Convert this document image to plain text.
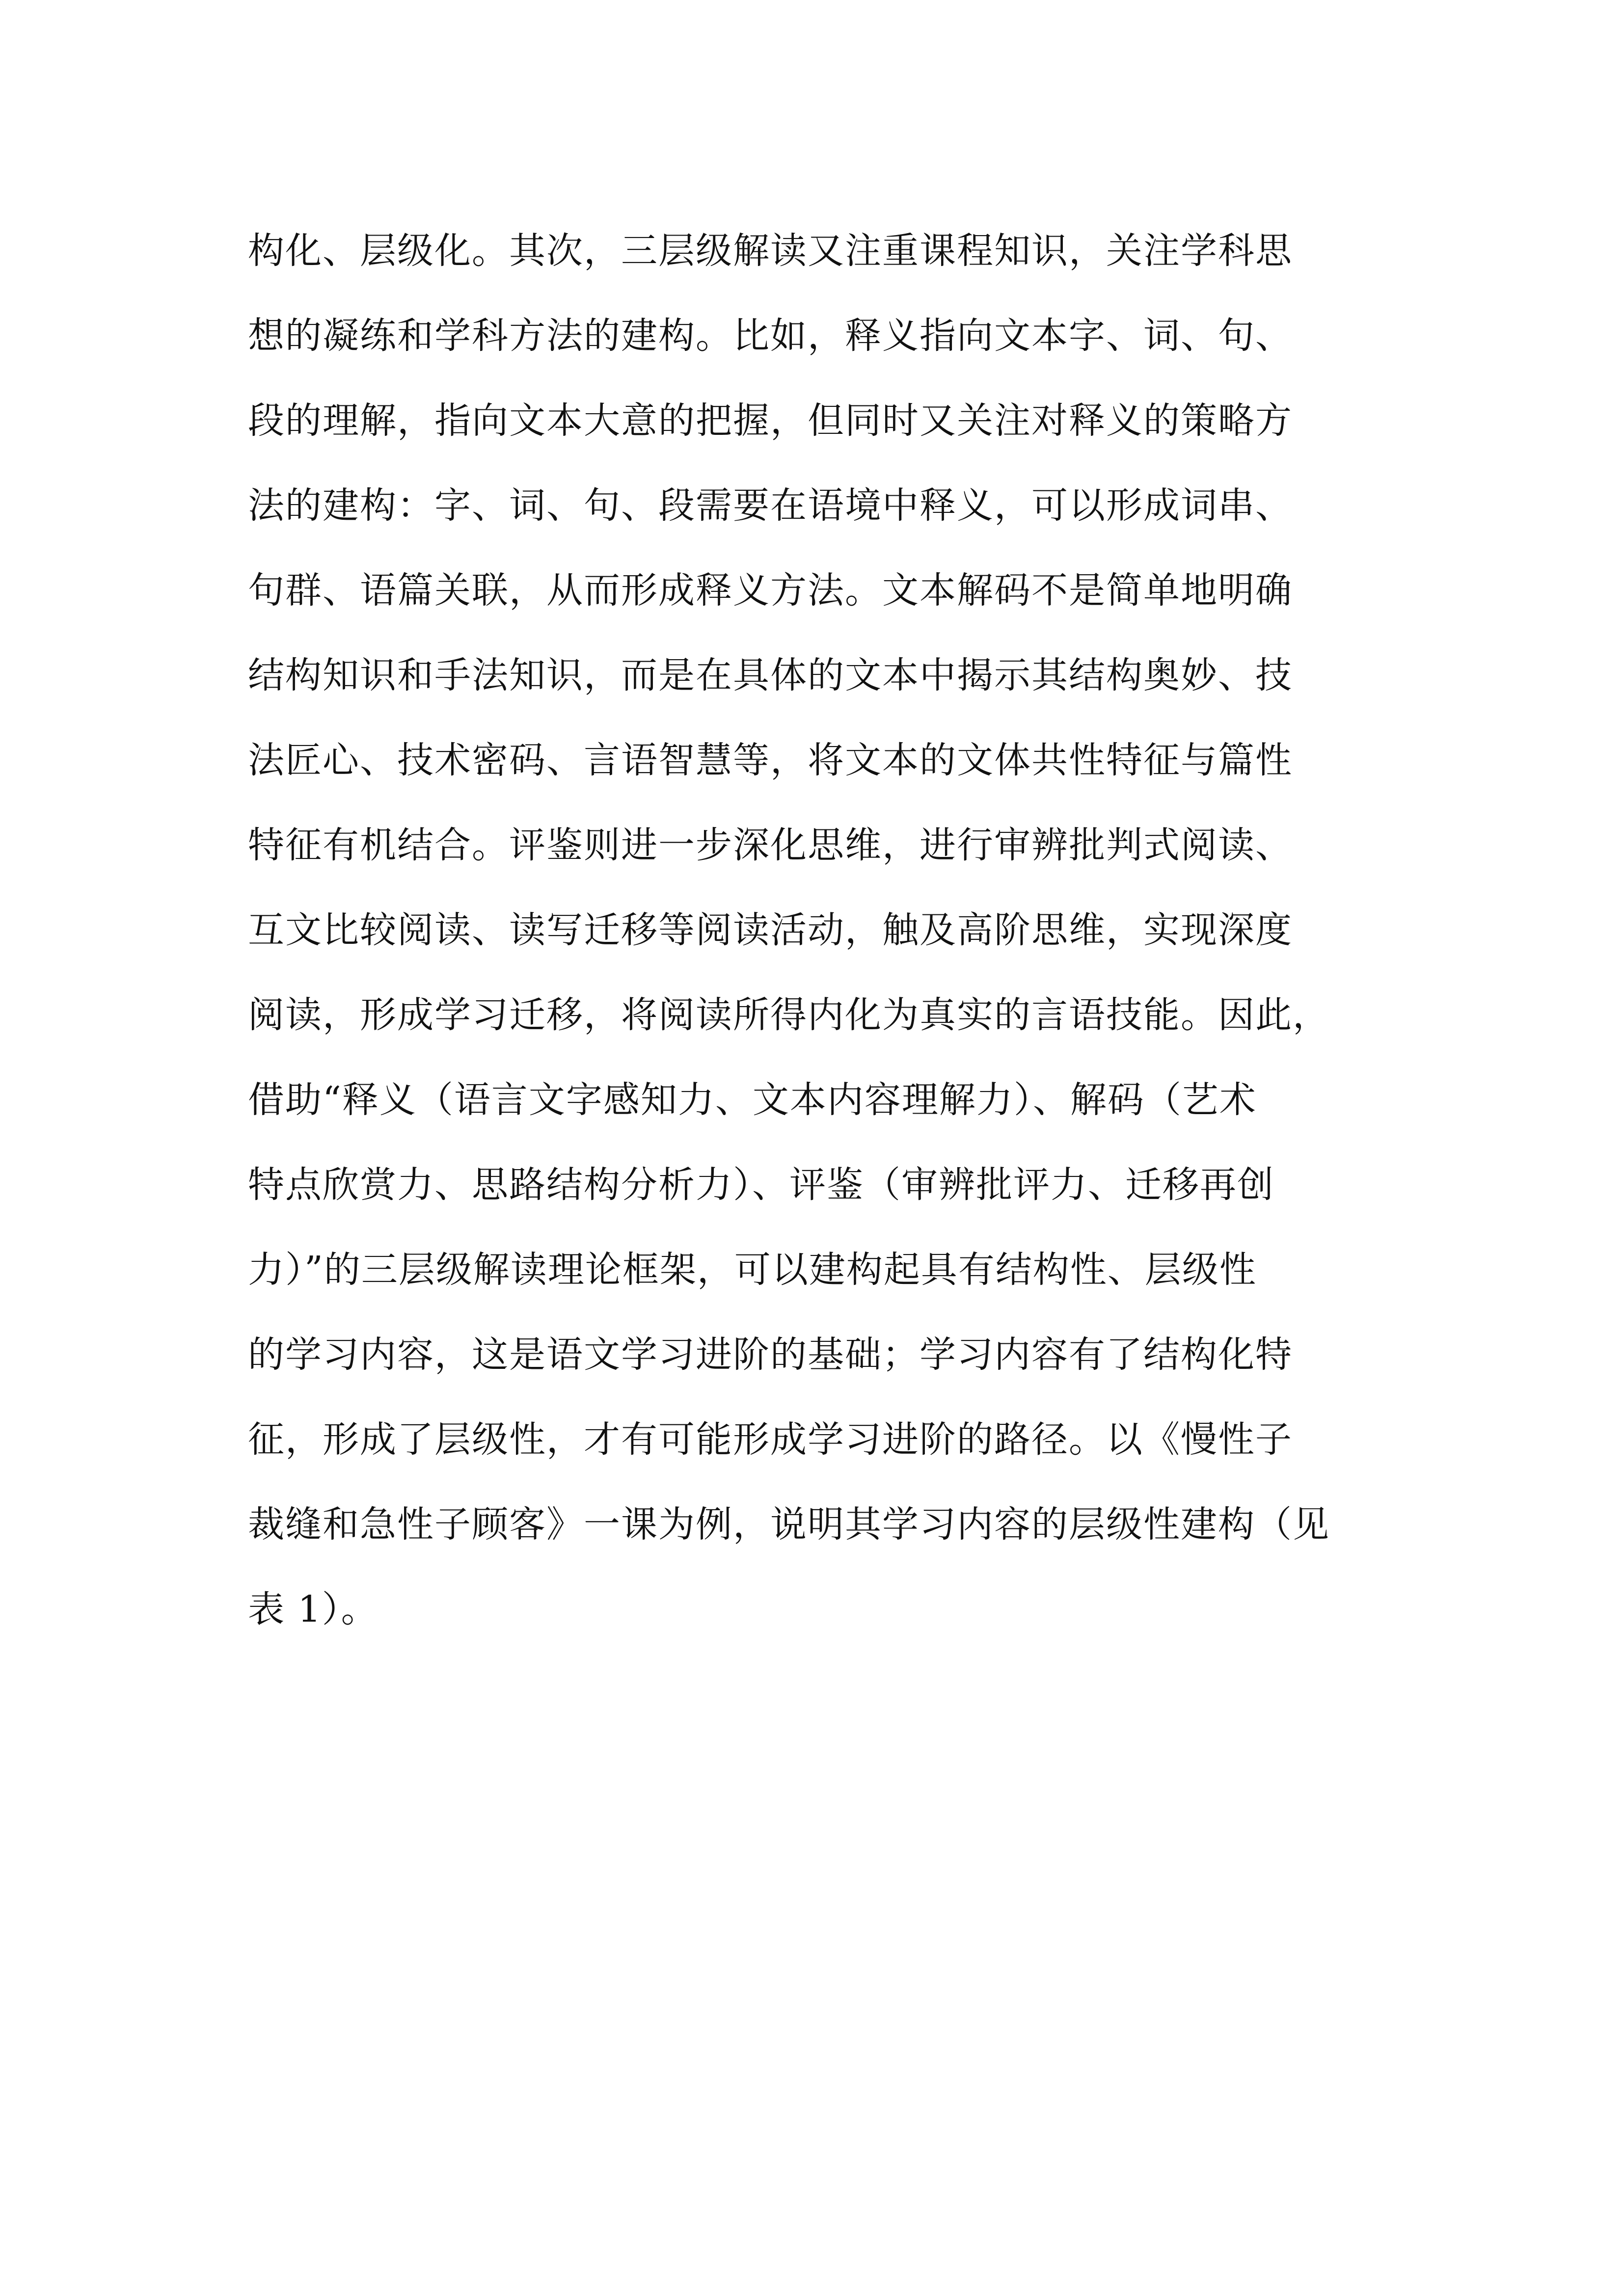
构化、层级化。其次，三层级解读又注重课程知识，关注学科思
想的凝练和学科方法的建构。比如，释义指向文本字、词、句、
段的理解，指向文本大意的把握，但同时又关注对释义的策略方
法的建构：字、词、句、段需要在语境中释义，可以形成词串、
句群、语篇关联，从而形成释义方法。文本解码不是简单地明确
结构知识和手法知识，而是在具体的文本中揭示其结构奥妙、技
法匠心、技术密码、言语智慧等，将文本的文体共性特征与篇性
特征有机结合。评鉴则进一步深化思维，进行审辨批判式阅读、
互文比较阅读、读写迁移等阅读活动，触及高阶思维，实现深度
阅读，形成学习迁移，将阅读所得内化为真实的言语技能。因此，
借助“释义（语言文字感知力、文本内容理解力）、解码（艺术
特点欣赏力、思路结构分析力）、评鉴（审辨批评力、迁移再创
力）”的三层级解读理论框架，可以建构起具有结构性、层级性
的学习内容，这是语文学习进阶的基础；学习内容有了结构化特
征，形成了层级性，才有可能形成学习进阶的路径。以《慢性子
裁缝和急性子顾客》一课为例，说明其学习内容的层级性建构（见
表 1）。
